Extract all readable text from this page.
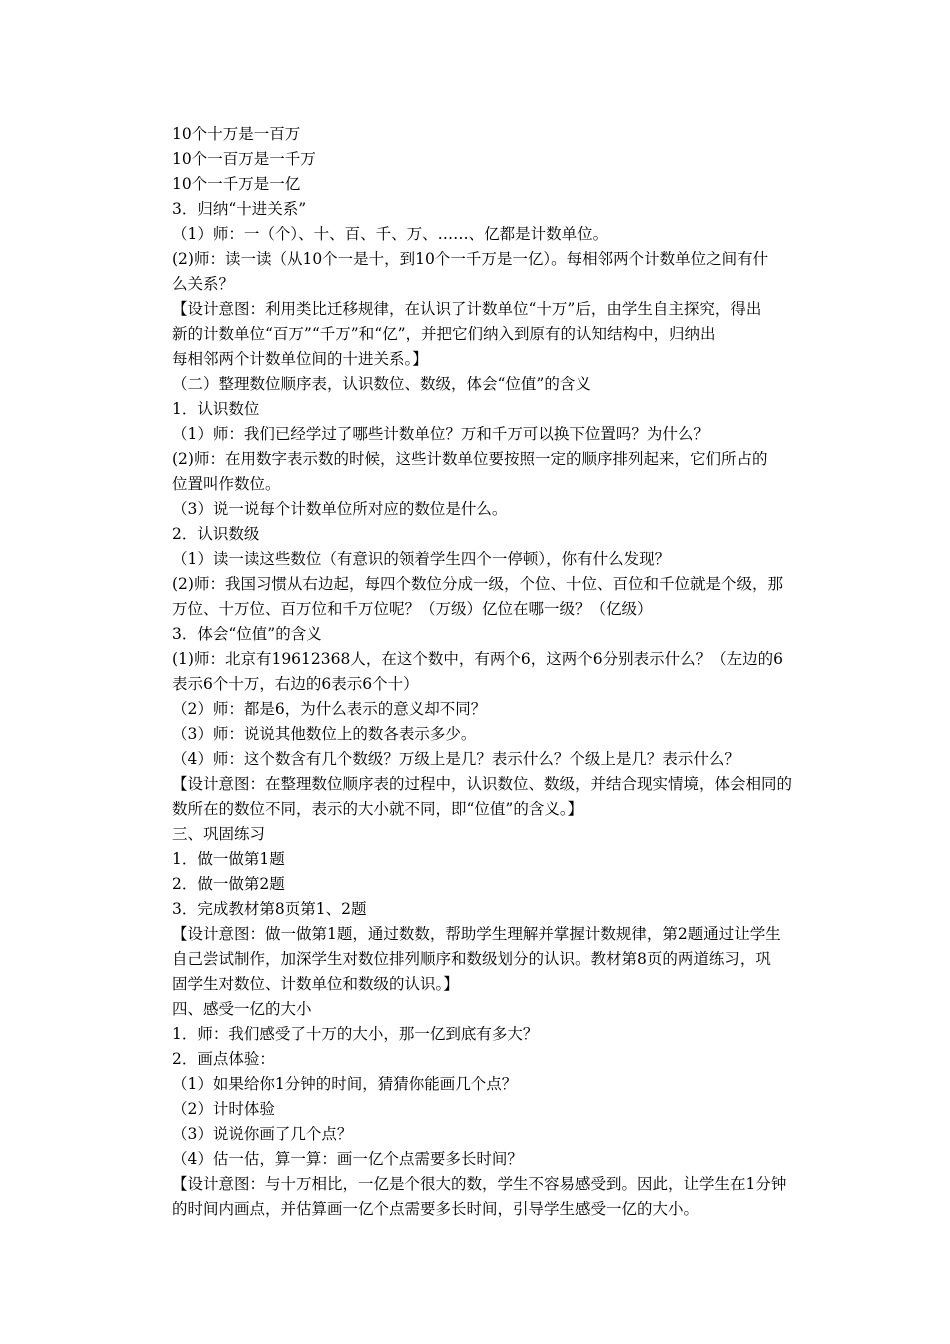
10个十万是一百万
10个一百万是一千万
10个一千万是一亿
3．归纳“十进关系”
（1）师：一（个）、十、百、千、万、……、亿都是计数单位。
(2)师：读一读（从10个一是十，到10个一千万是一亿）。每相邻两个计数单位之间有什
么关系？
【设计意图：利用类比迁移规律，在认识了计数单位“十万”后，由学生自主探究，得出
新的计数单位“百万”“千万”和“亿”，并把它们纳入到原有的认知结构中，归纳出
每相邻两个计数单位间的十进关系。】
（二）整理数位顺序表，认识数位、数级，体会“位值”的含义
1．认识数位
（1）师：我们已经学过了哪些计数单位？万和千万可以换下位置吗？为什么？
(2)师：在用数字表示数的时候，这些计数单位要按照一定的顺序排列起来，它们所占的
位置叫作数位。
（3）说一说每个计数单位所对应的数位是什么。
2．认识数级
（1）读一读这些数位（有意识的领着学生四个一停顿），你有什么发现？
(2)师：我国习惯从右边起，每四个数位分成一级，个位、十位、百位和千位就是个级，那
万位、十万位、百万位和千万位呢？（万级）亿位在哪一级？（亿级）
3．体会“位值”的含义
(1)师：北京有19612368人，在这个数中，有两个6，这两个6分别表示什么？（左边的6
表示6个十万，右边的6表示6个十）
（2）师：都是6，为什么表示的意义却不同？
（3）师：说说其他数位上的数各表示多少。
（4）师：这个数含有几个数级？万级上是几？表示什么？个级上是几？表示什么？
【设计意图：在整理数位顺序表的过程中，认识数位、数级，并结合现实情境，体会相同的
数所在的数位不同，表示的大小就不同，即“位值”的含义。】
三、巩固练习
1．做一做第1题
2．做一做第2题
3．完成教材第8页第1、2题
【设计意图：做一做第1题，通过数数，帮助学生理解并掌握计数规律，第2题通过让学生
自己尝试制作，加深学生对数位排列顺序和数级划分的认识。教材第8页的两道练习，巩
固学生对数位、计数单位和数级的认识。】
四、感受一亿的大小
1．师：我们感受了十万的大小，那一亿到底有多大？
2．画点体验：
（1）如果给你1分钟的时间，猜猜你能画几个点？
（2）计时体验
（3）说说你画了几个点？
（4）估一估，算一算：画一亿个点需要多长时间？
【设计意图：与十万相比，一亿是个很大的数，学生不容易感受到。因此，让学生在1分钟
的时间内画点，并估算画一亿个点需要多长时间，引导学生感受一亿的大小。
